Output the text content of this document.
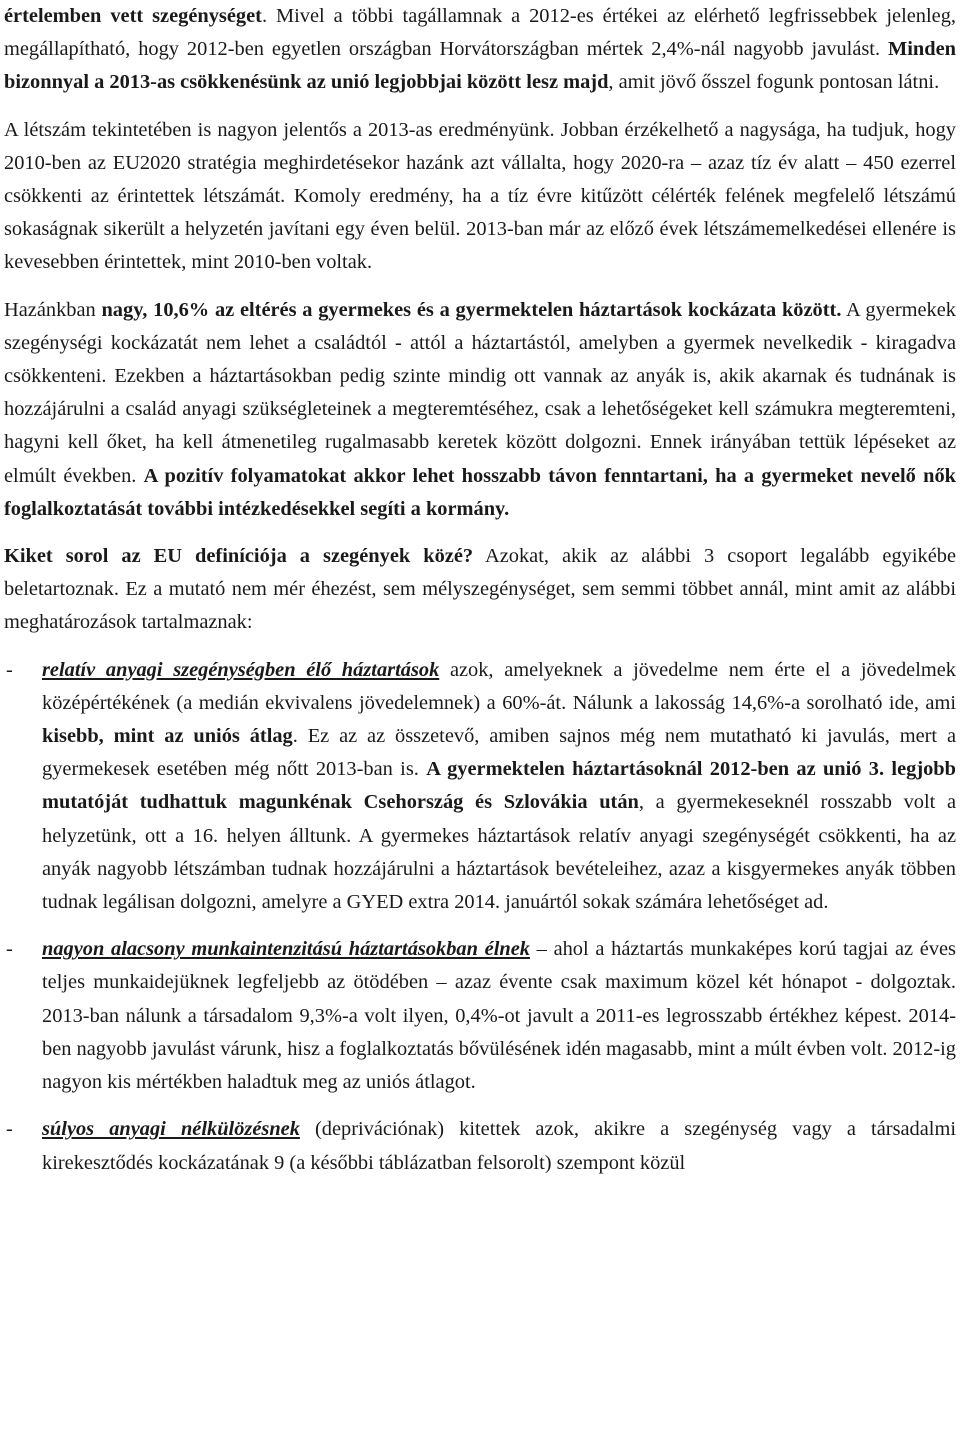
értelemben vett szegénységet. Mivel a többi tagállamnak a 2012-es értékei az elérhető legfrissebbek jelenleg, megállapítható, hogy 2012-ben egyetlen országban Horvátországban mértek 2,4%-nál nagyobb javulást. Minden bizonnyal a 2013-as csökkenésünk az unió legjobbjai között lesz majd, amit jövő ősszel fogunk pontosan látni.

A létszám tekintetében is nagyon jelentős a 2013-as eredményünk. Jobban érzékelhető a nagysága, ha tudjuk, hogy 2010-ben az EU2020 stratégia meghirdetésekor hazánk azt vállalta, hogy 2020-ra – azaz tíz év alatt – 450 ezerrel csökkenti az érintettek létszámát. Komoly eredmény, ha a tíz évre kitűzött célérték felének megfelelő létszámú sokaságnak sikerült a helyzetén javítani egy éven belül. 2013-ban már az előző évek létszámemelkedései ellenére is kevesebben érintettek, mint 2010-ben voltak.

Hazánkban nagy, 10,6% az eltérés a gyermekes és a gyermektelen háztartások kockázata között. A gyermekek szegénységi kockázatát nem lehet a családtól - attól a háztartástól, amelyben a gyermek nevelkedik - kiragadva csökkenteni. Ezekben a háztartásokban pedig szinte mindig ott vannak az anyák is, akik akarnak és tudnának is hozzájárulni a család anyagi szükségleteinek a megteremtéséhez, csak a lehetőségeket kell számukra megteremteni, hagyni kell őket, ha kell átmenetileg rugalmasabb keretek között dolgozni. Ennek irányában tettük lépéseket az elmúlt években. A pozitív folyamatokat akkor lehet hosszabb távon fenntartani, ha a gyermeket nevelő nők foglalkoztatását további intézkedésekkel segíti a kormány.

Kiket sorol az EU definíciója a szegények közé? Azokat, akik az alábbi 3 csoport legalább egyikébe beletartoznak. Ez a mutató nem mér éhezést, sem mélyszegénységet, sem semmi többet annál, mint amit az alábbi meghatározások tartalmaznak:

- relatív anyagi szegénységben élő háztartások azok, amelyeknek a jövedelme nem érte el a jövedelmek középértékének (a medián ekvivalens jövedelemnek) a 60%-át. Nálunk a lakosság 14,6%-a sorolható ide, ami kisebb, mint az uniós átlag. Ez az az összetevő, amiben sajnos még nem mutatható ki javulás, mert a gyermekesek esetében még nőtt 2013-ban is. A gyermektelen háztartásoknál 2012-ben az unió 3. legjobb mutatóját tudhattuk magunkénak Csehország és Szlovákia után, a gyermekeseknél rosszabb volt a helyzetünk, ott a 16. helyen álltunk. A gyermekes háztartások relatív anyagi szegénységét csökkenti, ha az anyák nagyobb létszámban tudnak hozzájárulni a háztartások bevételeihez, azaz a kisgyermekes anyák többen tudnak legálisan dolgozni, amelyre a GYED extra 2014. januártól sokak számára lehetőséget ad.

- nagyon alacsony munkaintenzitású háztartásokban élnek – ahol a háztartás munkaképes korú tagjai az éves teljes munkaidejüknek legfeljebb az ötödében – azaz évente csak maximum közel két hónapot - dolgoztak. 2013-ban nálunk a társadalom 9,3%-a volt ilyen, 0,4%-ot javult a 2011-es legrosszabb értékhez képest. 2014-ben nagyobb javulást várunk, hisz a foglalkoztatás bővülésének idén magasabb, mint a múlt évben volt. 2012-ig nagyon kis mértékben haladtuk meg az uniós átlagot.

- súlyos anyagi nélkülözésnek (deprivációnak) kitettek azok, akikre a szegénység vagy a társadalmi kirekesztődés kockázatának 9 (a későbbi táblázatban felsorolt) szempont közül
